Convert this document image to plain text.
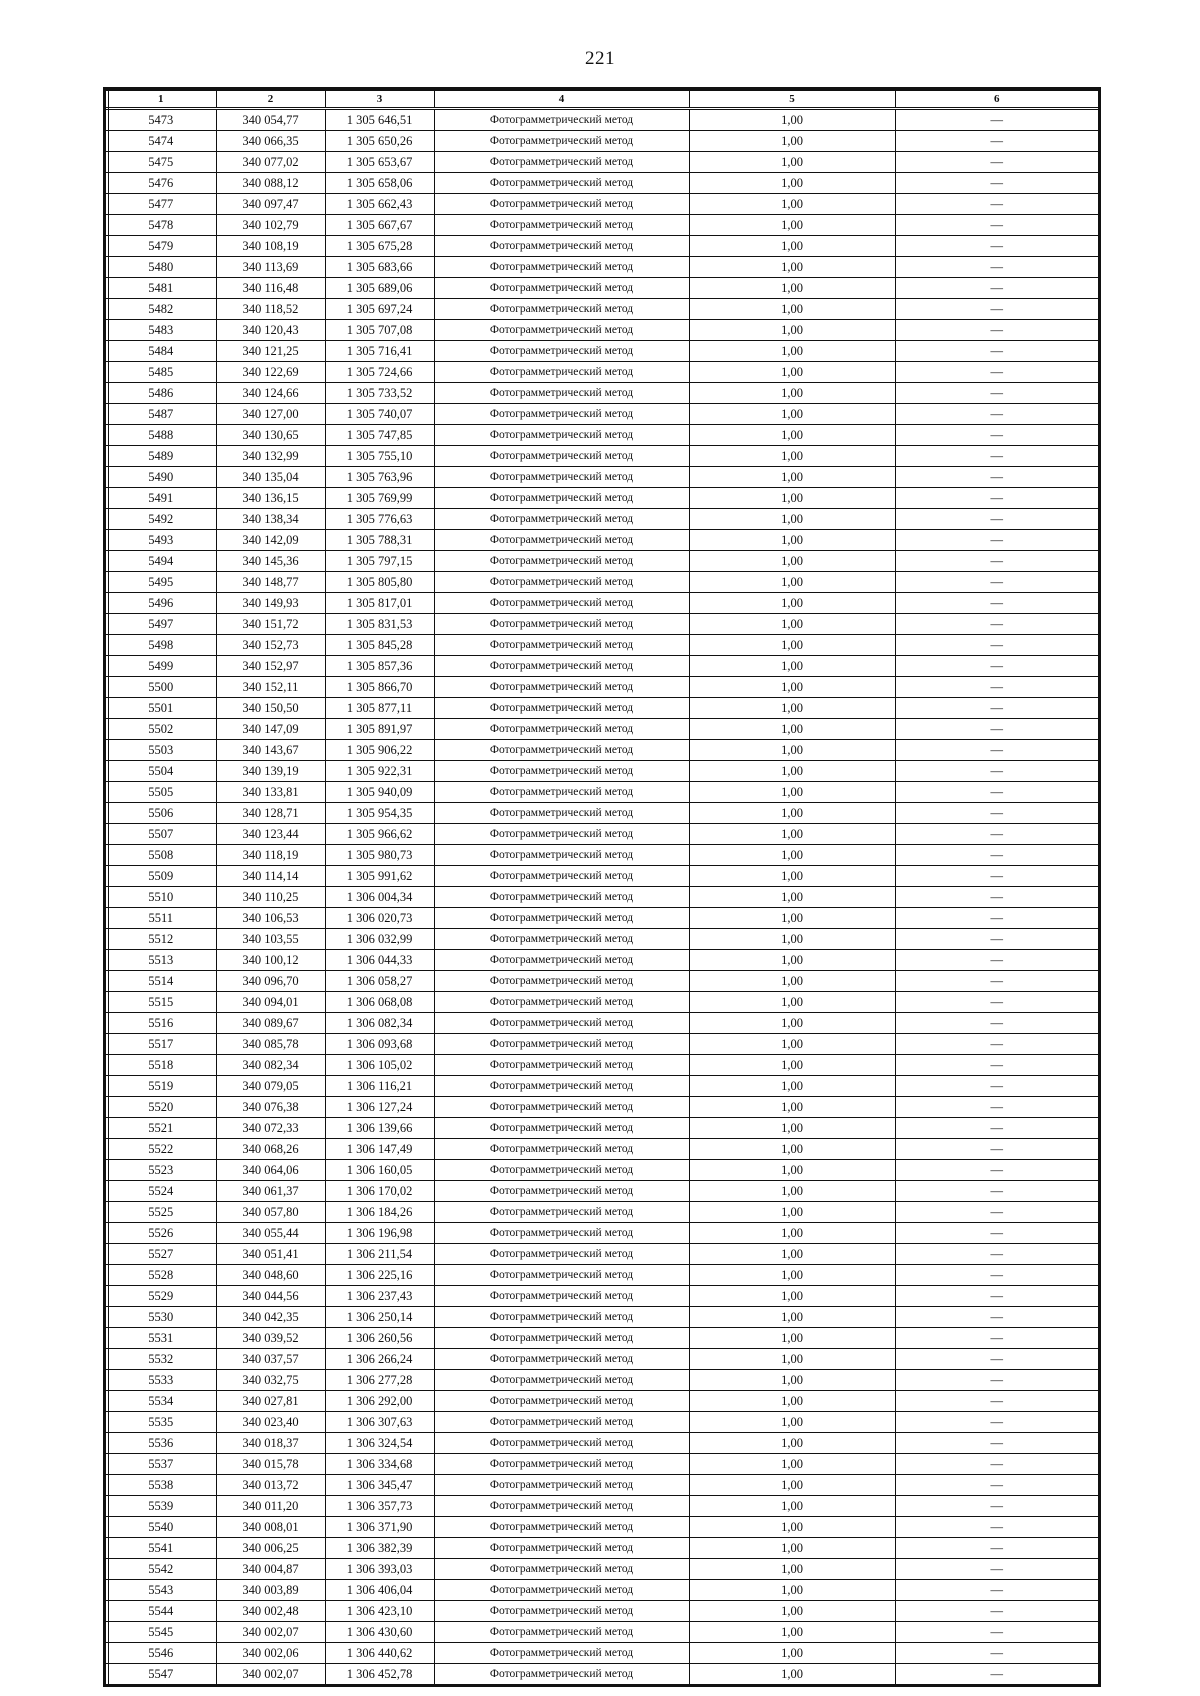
221
1	2	3	4	5	6
5473	340 054,77	1 305 646,51	Фотограмметрический метод	1,00	—
5474	340 066,35	1 305 650,26	Фотограмметрический метод	1,00	—
5475	340 077,02	1 305 653,67	Фотограмметрический метод	1,00	—
5476	340 088,12	1 305 658,06	Фотограмметрический метод	1,00	—
5477	340 097,47	1 305 662,43	Фотограмметрический метод	1,00	—
5478	340 102,79	1 305 667,67	Фотограмметрический метод	1,00	—
5479	340 108,19	1 305 675,28	Фотограмметрический метод	1,00	—
5480	340 113,69	1 305 683,66	Фотограмметрический метод	1,00	—
5481	340 116,48	1 305 689,06	Фотограмметрический метод	1,00	—
5482	340 118,52	1 305 697,24	Фотограмметрический метод	1,00	—
5483	340 120,43	1 305 707,08	Фотограмметрический метод	1,00	—
5484	340 121,25	1 305 716,41	Фотограмметрический метод	1,00	—
5485	340 122,69	1 305 724,66	Фотограмметрический метод	1,00	—
5486	340 124,66	1 305 733,52	Фотограмметрический метод	1,00	—
5487	340 127,00	1 305 740,07	Фотограмметрический метод	1,00	—
5488	340 130,65	1 305 747,85	Фотограмметрический метод	1,00	—
5489	340 132,99	1 305 755,10	Фотограмметрический метод	1,00	—
5490	340 135,04	1 305 763,96	Фотограмметрический метод	1,00	—
5491	340 136,15	1 305 769,99	Фотограмметрический метод	1,00	—
5492	340 138,34	1 305 776,63	Фотограмметрический метод	1,00	—
5493	340 142,09	1 305 788,31	Фотограмметрический метод	1,00	—
5494	340 145,36	1 305 797,15	Фотограмметрический метод	1,00	—
5495	340 148,77	1 305 805,80	Фотограмметрический метод	1,00	—
5496	340 149,93	1 305 817,01	Фотограмметрический метод	1,00	—
5497	340 151,72	1 305 831,53	Фотограмметрический метод	1,00	—
5498	340 152,73	1 305 845,28	Фотограмметрический метод	1,00	—
5499	340 152,97	1 305 857,36	Фотограмметрический метод	1,00	—
5500	340 152,11	1 305 866,70	Фотограмметрический метод	1,00	—
5501	340 150,50	1 305 877,11	Фотограмметрический метод	1,00	—
5502	340 147,09	1 305 891,97	Фотограмметрический метод	1,00	—
5503	340 143,67	1 305 906,22	Фотограмметрический метод	1,00	—
5504	340 139,19	1 305 922,31	Фотограмметрический метод	1,00	—
5505	340 133,81	1 305 940,09	Фотограмметрический метод	1,00	—
5506	340 128,71	1 305 954,35	Фотограмметрический метод	1,00	—
5507	340 123,44	1 305 966,62	Фотограмметрический метод	1,00	—
5508	340 118,19	1 305 980,73	Фотограмметрический метод	1,00	—
5509	340 114,14	1 305 991,62	Фотограмметрический метод	1,00	—
5510	340 110,25	1 306 004,34	Фотограмметрический метод	1,00	—
5511	340 106,53	1 306 020,73	Фотограмметрический метод	1,00	—
5512	340 103,55	1 306 032,99	Фотограмметрический метод	1,00	—
5513	340 100,12	1 306 044,33	Фотограмметрический метод	1,00	—
5514	340 096,70	1 306 058,27	Фотограмметрический метод	1,00	—
5515	340 094,01	1 306 068,08	Фотограмметрический метод	1,00	—
5516	340 089,67	1 306 082,34	Фотограмметрический метод	1,00	—
5517	340 085,78	1 306 093,68	Фотограмметрический метод	1,00	—
5518	340 082,34	1 306 105,02	Фотограмметрический метод	1,00	—
5519	340 079,05	1 306 116,21	Фотограмметрический метод	1,00	—
5520	340 076,38	1 306 127,24	Фотограмметрический метод	1,00	—
5521	340 072,33	1 306 139,66	Фотограмметрический метод	1,00	—
5522	340 068,26	1 306 147,49	Фотограмметрический метод	1,00	—
5523	340 064,06	1 306 160,05	Фотограмметрический метод	1,00	—
5524	340 061,37	1 306 170,02	Фотограмметрический метод	1,00	—
5525	340 057,80	1 306 184,26	Фотограмметрический метод	1,00	—
5526	340 055,44	1 306 196,98	Фотограмметрический метод	1,00	—
5527	340 051,41	1 306 211,54	Фотограмметрический метод	1,00	—
5528	340 048,60	1 306 225,16	Фотограмметрический метод	1,00	—
5529	340 044,56	1 306 237,43	Фотограмметрический метод	1,00	—
5530	340 042,35	1 306 250,14	Фотограмметрический метод	1,00	—
5531	340 039,52	1 306 260,56	Фотограмметрический метод	1,00	—
5532	340 037,57	1 306 266,24	Фотограмметрический метод	1,00	—
5533	340 032,75	1 306 277,28	Фотограмметрический метод	1,00	—
5534	340 027,81	1 306 292,00	Фотограмметрический метод	1,00	—
5535	340 023,40	1 306 307,63	Фотограмметрический метод	1,00	—
5536	340 018,37	1 306 324,54	Фотограмметрический метод	1,00	—
5537	340 015,78	1 306 334,68	Фотограмметрический метод	1,00	—
5538	340 013,72	1 306 345,47	Фотограмметрический метод	1,00	—
5539	340 011,20	1 306 357,73	Фотограмметрический метод	1,00	—
5540	340 008,01	1 306 371,90	Фотограмметрический метод	1,00	—
5541	340 006,25	1 306 382,39	Фотограмметрический метод	1,00	—
5542	340 004,87	1 306 393,03	Фотограмметрический метод	1,00	—
5543	340 003,89	1 306 406,04	Фотограмметрический метод	1,00	—
5544	340 002,48	1 306 423,10	Фотограмметрический метод	1,00	—
5545	340 002,07	1 306 430,60	Фотограмметрический метод	1,00	—
5546	340 002,06	1 306 440,62	Фотограмметрический метод	1,00	—
5547	340 002,07	1 306 452,78	Фотограмметрический метод	1,00	—
